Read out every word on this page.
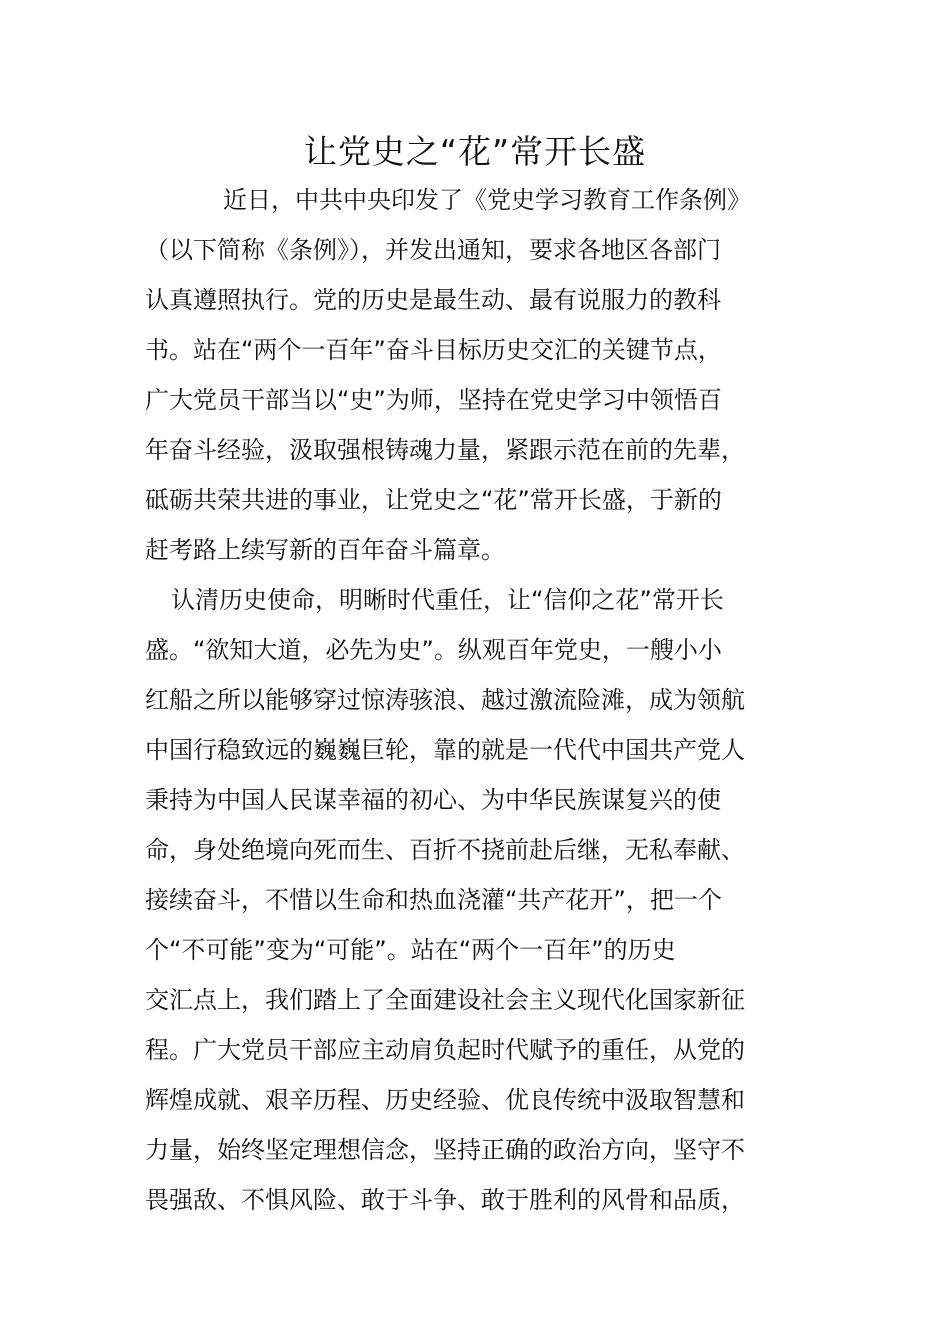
让党史之“花”常开长盛

近日，中共中央印发了《党史学习教育工作条例》

（以下简称《条例》），并发出通知，要求各地区各部门

认真遵照执行。党的历史是最生动、最有说服力的教科

书。站在“两个一百年”奋斗目标历史交汇的关键节点，

广大党员干部当以“史”为师，坚持在党史学习中领悟百

年奋斗经验，汲取强根铸魂力量，紧跟示范在前的先辈，

砥砺共荣共进的事业，让党史之“花”常开长盛，于新的

赶考路上续写新的百年奋斗篇章。

认清历史使命，明晰时代重任，让“信仰之花”常开长

盛。“欲知大道，必先为史”。纵观百年党史，一艘小小

红船之所以能够穿过惊涛骇浪、越过激流险滩，成为领航

中国行稳致远的巍巍巨轮，靠的就是一代代中国共产党人

秉持为中国人民谋幸福的初心、为中华民族谋复兴的使

命，身处绝境向死而生、百折不挠前赴后继，无私奉献、

接续奋斗，不惜以生命和热血浇灌“共产花开”，把一个

个“不可能”变为“可能”。站在“两个一百年”的历史

交汇点上，我们踏上了全面建设社会主义现代化国家新征

程。广大党员干部应主动肩负起时代赋予的重任，从党的

辉煌成就、艰辛历程、历史经验、优良传统中汲取智慧和

力量，始终坚定理想信念，坚持正确的政治方向，坚守不

畏强敌、不惧风险、敢于斗争、敢于胜利的风骨和品质，
